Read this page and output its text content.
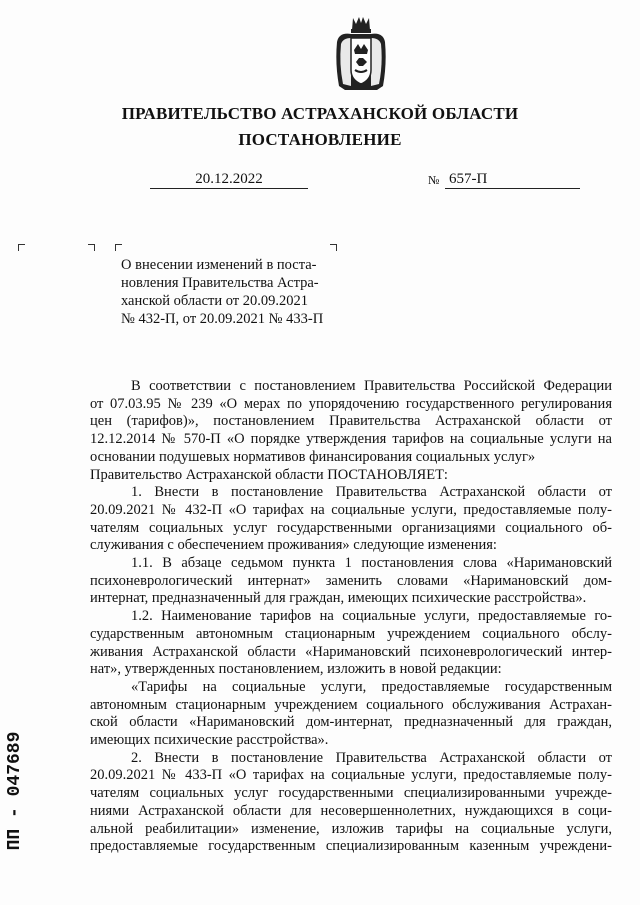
ПРАВИТЕЛЬСТВО АСТРАХАНСКОЙ ОБЛАСТИ
ПОСТАНОВЛЕНИЕ
20.12.2022	№ 657-П
О внесении изменений в поста-
новления Правительства Астра-
ханской области от 20.09.2021
№ 432-П, от 20.09.2021 № 433-П
В соответствии с постановлением Правительства Российской Федерации
от 07.03.95 № 239 «О мерах по упорядочению государственного регулирования
цен (тарифов)», постановлением Правительства Астраханской области от
12.12.2014 № 570-П «О порядке утверждения тарифов на социальные услуги на
основании подушевых нормативов финансирования социальных услуг»
Правительство Астраханской области ПОСТАНОВЛЯЕТ:
1. Внести в постановление Правительства Астраханской области от
20.09.2021 № 432-П «О тарифах на социальные услуги, предоставляемые полу-
чателям социальных услуг государственными организациями социального об-
служивания с обеспечением проживания» следующие изменения:
1.1. В абзаце седьмом пункта 1 постановления слова «Наримановский
психоневрологический интернат» заменить словами «Наримановский дом-
интернат, предназначенный для граждан, имеющих психические расстройства».
1.2. Наименование тарифов на социальные услуги, предоставляемые го-
сударственным автономным стационарным учреждением социального обслу-
живания Астраханской области «Наримановский психоневрологический интер-
нат», утвержденных постановлением, изложить в новой редакции:
«Тарифы на социальные услуги, предоставляемые государственным
автономным стационарным учреждением социального обслуживания Астрахан-
ской области «Наримановский дом-интернат, предназначенный для граждан,
имеющих психические расстройства».
2. Внести в постановление Правительства Астраханской области от
20.09.2021 № 433-П «О тарифах на социальные услуги, предоставляемые полу-
чателям социальных услуг государственными специализированными учрежде-
ниями Астраханской области для несовершеннолетних, нуждающихся в соци-
альной реабилитации» изменение, изложив тарифы на социальные услуги,
предоставляемые государственным специализированным казенным учреждени-
ПП - 047689
